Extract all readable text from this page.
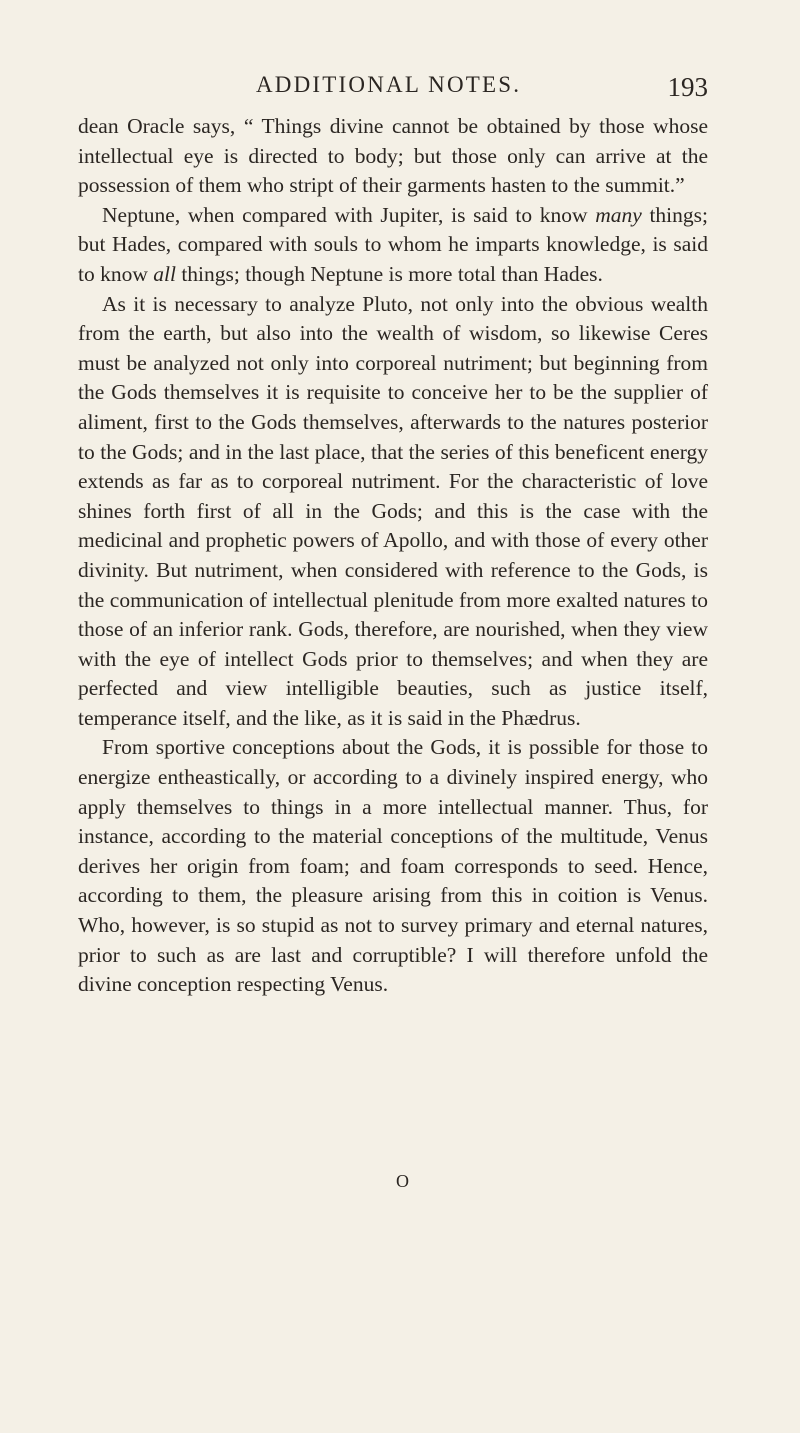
ADDITIONAL NOTES.	193

dean Oracle says, “ Things divine cannot be obtained by those whose intellectual eye is directed to body; but those only can arrive at the possession of them who stript of their garments hasten to the summit.”

Neptune, when compared with Jupiter, is said to know many things; but Hades, compared with souls to whom he imparts knowledge, is said to know all things; though Neptune is more total than Hades.

As it is necessary to analyze Pluto, not only into the obvious wealth from the earth, but also into the wealth of wisdom, so likewise Ceres must be analyzed not only into corporeal nutriment; but beginning from the Gods themselves it is requisite to conceive her to be the supplier of aliment, first to the Gods themselves, afterwards to the natures posterior to the Gods; and in the last place, that the series of this beneficent energy extends as far as to corporeal nutriment. For the characteristic of love shines forth first of all in the Gods; and this is the case with the medicinal and prophetic powers of Apollo, and with those of every other divinity. But nutriment, when considered with reference to the Gods, is the communication of intellectual plenitude from more exalted natures to those of an inferior rank. Gods, therefore, are nourished, when they view with the eye of intellect Gods prior to themselves; and when they are perfected and view intelligible beauties, such as justice itself, temperance itself, and the like, as it is said in the Phædrus.

From sportive conceptions about the Gods, it is possible for those to energize entheastically, or according to a divinely inspired energy, who apply themselves to things in a more intellectual manner. Thus, for instance, according to the material conceptions of the multitude, Venus derives her origin from foam; and foam corresponds to seed. Hence, according to them, the pleasure arising from this in coition is Venus. Who, however, is so stupid as not to survey primary and eternal natures, prior to such as are last and corruptible? I will therefore unfold the divine conception respecting Venus.

O
